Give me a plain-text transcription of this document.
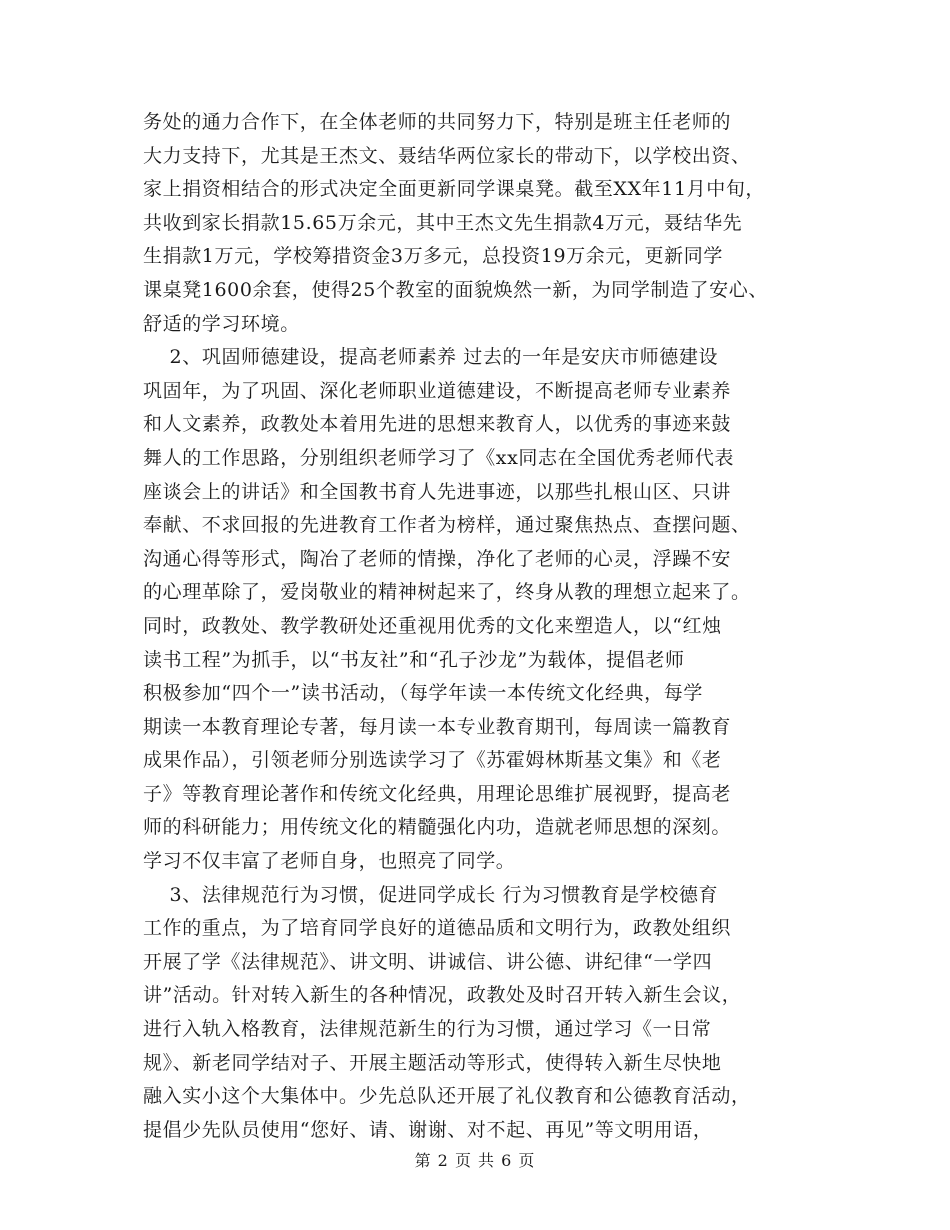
务处的通力合作下，在全体老师的共同努力下，特别是班主任老师的
大力支持下，尤其是王杰文、聂结华两位家长的带动下，以学校出资、
家上捐资相结合的形式决定全面更新同学课桌凳。截至XX年11月中旬，
共收到家长捐款15.65万余元，其中王杰文先生捐款4万元，聂结华先
生捐款1万元，学校筹措资金3万多元，总投资19万余元，更新同学
课桌凳1600余套，使得25个教室的面貌焕然一新，为同学制造了安心、
舒适的学习环境。
2、巩固师德建设，提高老师素养 过去的一年是安庆市师德建设
巩固年，为了巩固、深化老师职业道德建设，不断提高老师专业素养
和人文素养，政教处本着用先进的思想来教育人，以优秀的事迹来鼓
舞人的工作思路，分别组织老师学习了《xx同志在全国优秀老师代表
座谈会上的讲话》和全国教书育人先进事迹，以那些扎根山区、只讲
奉献、不求回报的先进教育工作者为榜样，通过聚焦热点、查摆问题、
沟通心得等形式，陶冶了老师的情操，净化了老师的心灵，浮躁不安
的心理革除了，爱岗敬业的精神树起来了，终身从教的理想立起来了。
同时，政教处、教学教研处还重视用优秀的文化来塑造人，以“红烛
读书工程”为抓手，以“书友社”和“孔子沙龙”为载体，提倡老师
积极参加“四个一”读书活动，（每学年读一本传统文化经典，每学
期读一本教育理论专著，每月读一本专业教育期刊，每周读一篇教育
成果作品），引领老师分别选读学习了《苏霍姆林斯基文集》和《老
子》等教育理论著作和传统文化经典，用理论思维扩展视野，提高老
师的科研能力；用传统文化的精髓强化内功，造就老师思想的深刻。
学习不仅丰富了老师自身，也照亮了同学。
3、法律规范行为习惯，促进同学成长 行为习惯教育是学校德育
工作的重点，为了培育同学良好的道德品质和文明行为，政教处组织
开展了学《法律规范》、讲文明、讲诚信、讲公德、讲纪律“一学四
讲”活动。针对转入新生的各种情况，政教处及时召开转入新生会议，
进行入轨入格教育，法律规范新生的行为习惯，通过学习《一日常
规》、新老同学结对子、开展主题活动等形式，使得转入新生尽快地
融入实小这个大集体中。少先总队还开展了礼仪教育和公德教育活动，
提倡少先队员使用“您好、请、谢谢、对不起、再见”等文明用语，
第 2 页 共 6 页
